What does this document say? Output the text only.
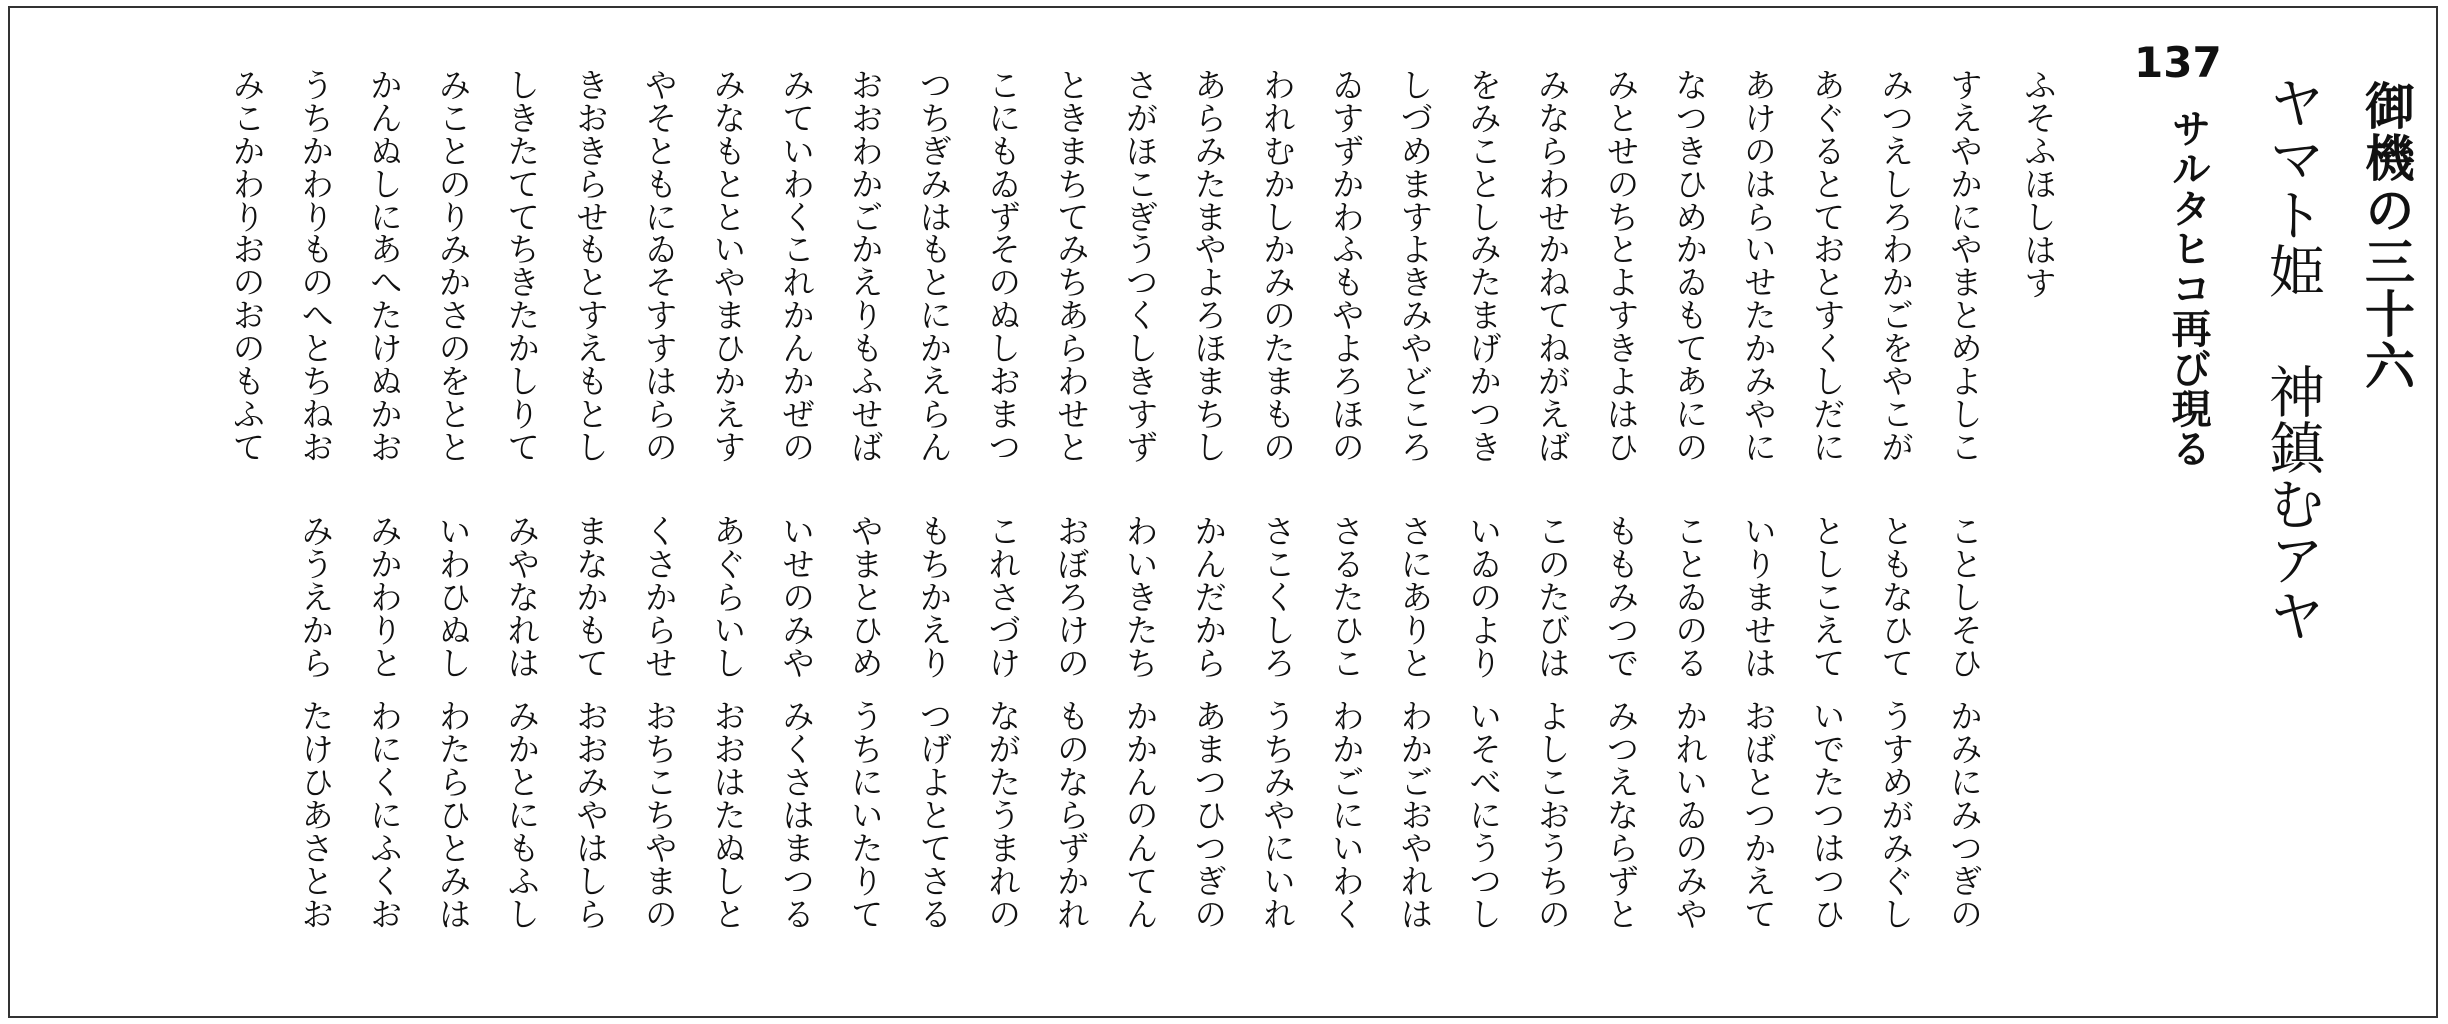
御機の三十六
ヤマト姫 神鎮むアヤ
137
サルタヒコ再び現る
ふそふほしはす
すえやかに
やまとめよしこ
ことしそひ
かみにみつぎの
みつえしろ
わかごをやこが
ともなひて
うすめがみぐし
あぐるとて
おとすくしだに
としこえて
いでたつはつひ
あけのはら
いせたかみやに
いりませは
おばとつかえて
なつきひめ
かゐもてあにの
ことゐのる
かれいゐのみや
みとせのち
とよすきよはひ
ももみつで
みつえならずと
みならわせ
かねてねがえば
このたびは
よしこおうちの
をみことし
みたまげかつき
いゐのより
いそべにうつし
しづめます
よきみやどころ
さにありと
わかごおやれは
ゐすずかわ
ふもやよろほの
さるたひこ
わかごにいわく
われむかし
かみのたまもの
さこくしろ
うちみやにいれ
あらみたま
やよろほまちし
かんだから
あまつひつぎの
さがほこぎ
うつくしきすず
わいきたち
かかんのんてん
ときまちて
みちあらわせと
おぼろけの
ものならずかれ
こにもゐず
そのぬしおまつ
これさづけ
ながたうまれの
つちぎみは
もとにかえらん
もちかえり
つげよとてさる
おおわかご
かえりもふせば
やまとひめ
うちにいたりて
みていわく
これかんかぜの
いせのみや
みくさはまつる
みなもとと
いやまひかえす
あぐらいし
おおはたぬしと
やそともに
ゐそすすはらの
くさからせ
おちこちやまの
きおきらせ
もとすえもとし
まなかもて
おおみやはしら
しきたてて
ちきたかしりて
みやなれは
みかとにもふし
みことのり
みかさのをとと
いわひぬし
わたらひとみは
かんぬしに
あへたけぬかお
みかわりと
わにくにふくお
うちかわり
ものへとちねお
みうえから
たけひあさとお
みこかわり
おのおのもふて
